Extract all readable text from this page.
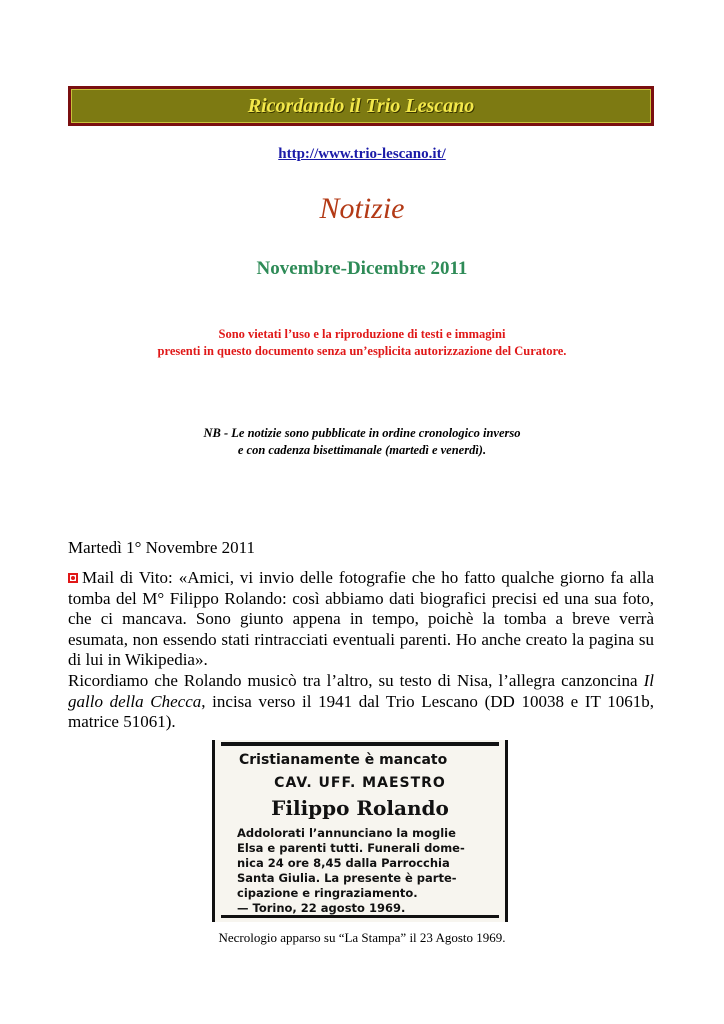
Ricordando il Trio Lescano
http://www.trio-lescano.it/
Notizie
Novembre-Dicembre 2011
Sono vietati l’uso e la riproduzione di testi e immagini
presenti in questo documento senza un’esplicita autorizzazione del Curatore.
NB - Le notizie sono pubblicate in ordine cronologico inverso
e con cadenza bisettimanale (martedì e venerdì).
Martedì 1° Novembre 2011

Mail di Vito: «Amici, vi invio delle fotografie che ho fatto qualche giorno fa alla tomba del M° Filippo Rolando: così abbiamo dati biografici precisi ed una sua foto, che ci mancava. Sono giunto appena in tempo, poichè la tomba a breve verrà esumata, non essendo stati rintracciati eventuali parenti. Ho anche creato la pagina su di lui in Wikipedia».

Ricordiamo che Rolando musicò tra l’altro, su testo di Nisa, l’allegra canzoncina Il gallo della Checca, incisa verso il 1941 dal Trio Lescano (DD 10038 e IT 1061b, matrice 51061).

Cristianamente è mancato
CAV. UFF. MAESTRO
Filippo Rolando
Addolorati l’annunciano la moglie
Elsa e parenti tutti. Funerali dome-
nica 24 ore 8,45 dalla Parrocchia
Santa Giulia. La presente è parte-
cipazione e ringraziamento.
— Torino, 22 agosto 1969.
Necrologio apparso su “La Stampa” il 23 Agosto 1969.
